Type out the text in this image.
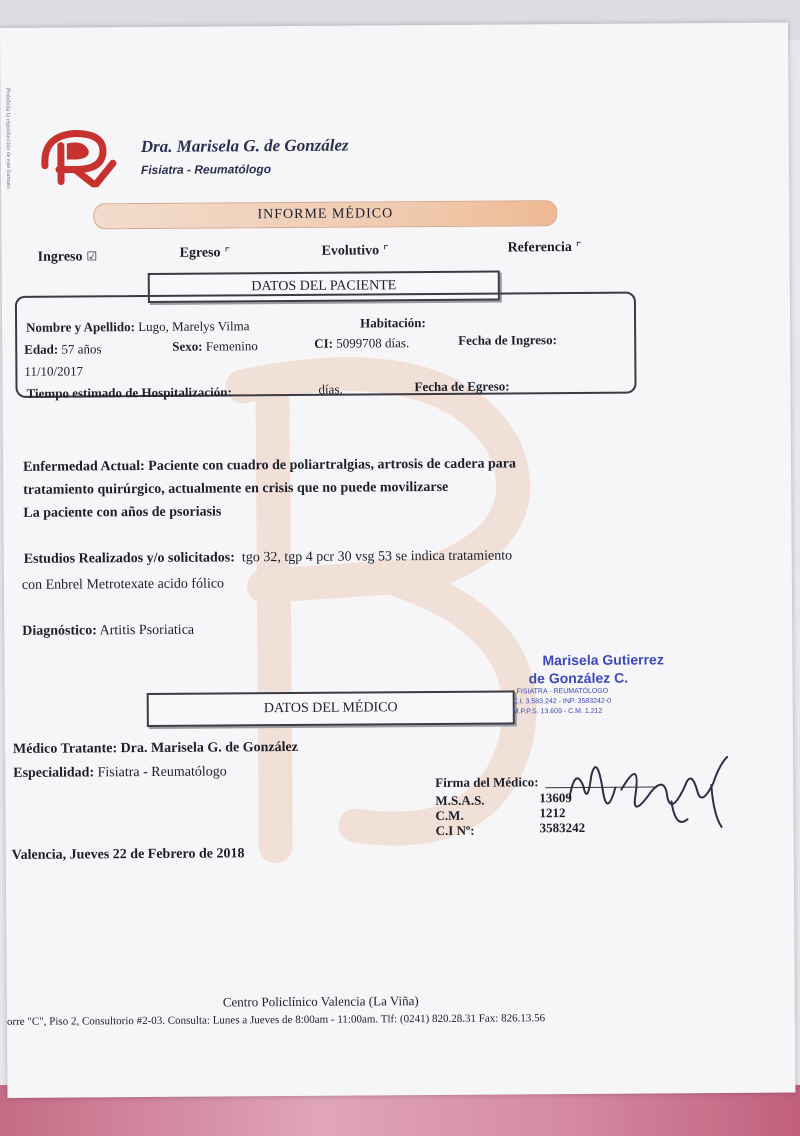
Prohibida la reproducción de este formato	Dra. Marisela G. de González
Fisiatra - Reumatólogo
INFORME MÉDICO
Ingreso ☑	Egreso ⌜	Evolutivo ⌜	Referencia ⌜
DATOS DEL PACIENTE
Nombre y Apellido: Lugo, Marelys Vilma	Habitación:
Edad: 57 años	Sexo: Femenino	CI: 5099708 días.	Fecha de Ingreso:
11/10/2017
Tiempo estimado de Hospitalización:	días.	Fecha de Egreso:
Enfermedad Actual: Paciente con cuadro de poliartralgias, artrosis de cadera para
tratamiento quirúrgico, actualmente en crisis que no puede movilizarse
La paciente con años de psoriasis
Estudios Realizados y/o solicitados: tgo 32, tgp 4 pcr 30 vsg 53 se indica tratamiento
con Enbrel Metrotexate acido fólico
Diagnóstico: Artitis Psoriatica
DATOS DEL MÉDICO
Médico Tratante: Dra. Marisela G. de González
Especialidad: Fisiatra - Reumatólogo
Marisela Gutierrez
de González C.
FISIATRA - REUMATÓLOGO
C.I. 3.583.242 - INP. 3583242-0
M.P.P.S. 13.609 - C.M. 1.212
Firma del Médico:
M.S.A.S.	13609
C.M.	1212
C.I Nº:	3583242
Valencia, Jueves 22 de Febrero de 2018
Centro Policlínico Valencia (La Viña)
orre "C", Piso 2, Consultorio #2-03. Consulta: Lunes a Jueves de 8:00am - 11:00am. Tlf: (0241) 820.28.31 Fax: 826.13.56
